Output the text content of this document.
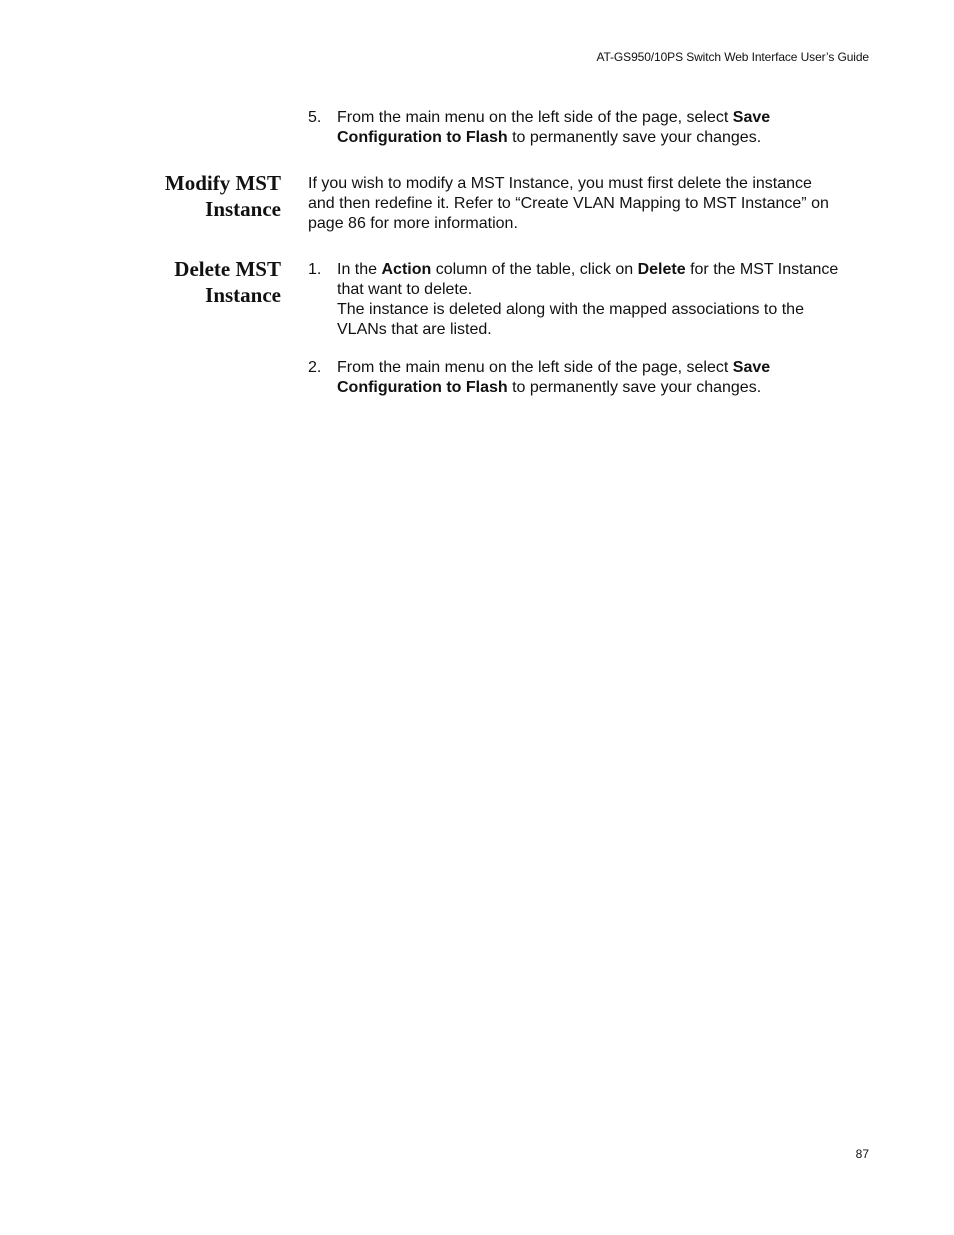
AT-GS950/10PS Switch Web Interface User’s Guide
5. From the main menu on the left side of the page, select Save
Configuration to Flash to permanently save your changes.
Modify MST
Instance
If you wish to modify a MST Instance, you must first delete the instance
and then redefine it. Refer to “Create VLAN Mapping to MST Instance” on
page 86 for more information.
Delete MST
Instance
1. In the Action column of the table, click on Delete for the MST Instance
that want to delete.
The instance is deleted along with the mapped associations to the
VLANs that are listed.
2. From the main menu on the left side of the page, select Save
Configuration to Flash to permanently save your changes.
87
